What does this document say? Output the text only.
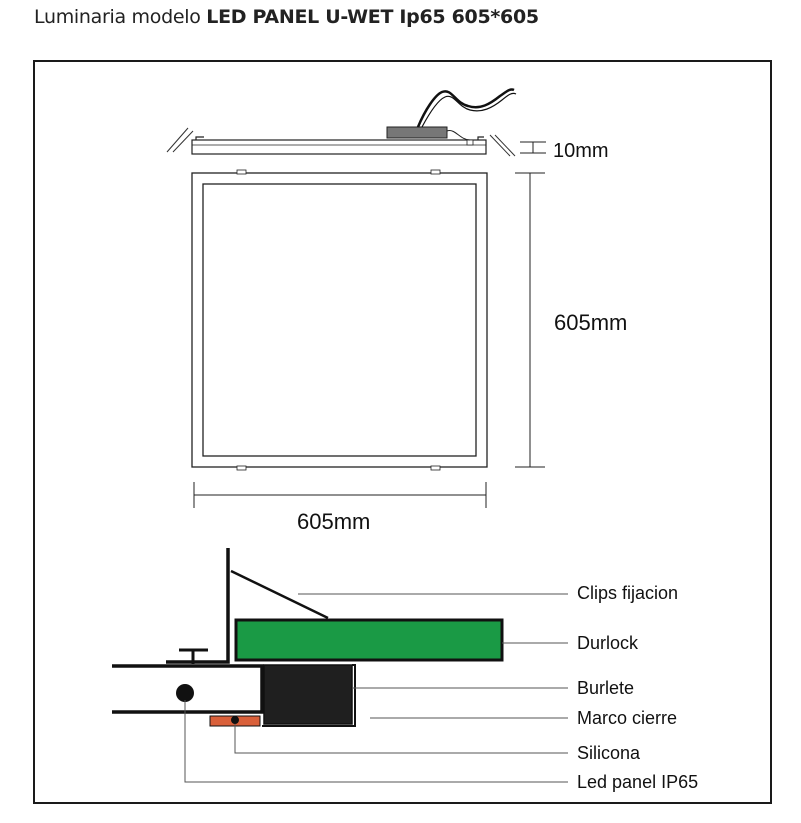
Luminaria modelo LED PANEL U-WET Ip65 605*605
10mm
605mm
605mm
Clips fijacion
Durlock
Burlete
Marco cierre
Silicona
Led panel IP65
